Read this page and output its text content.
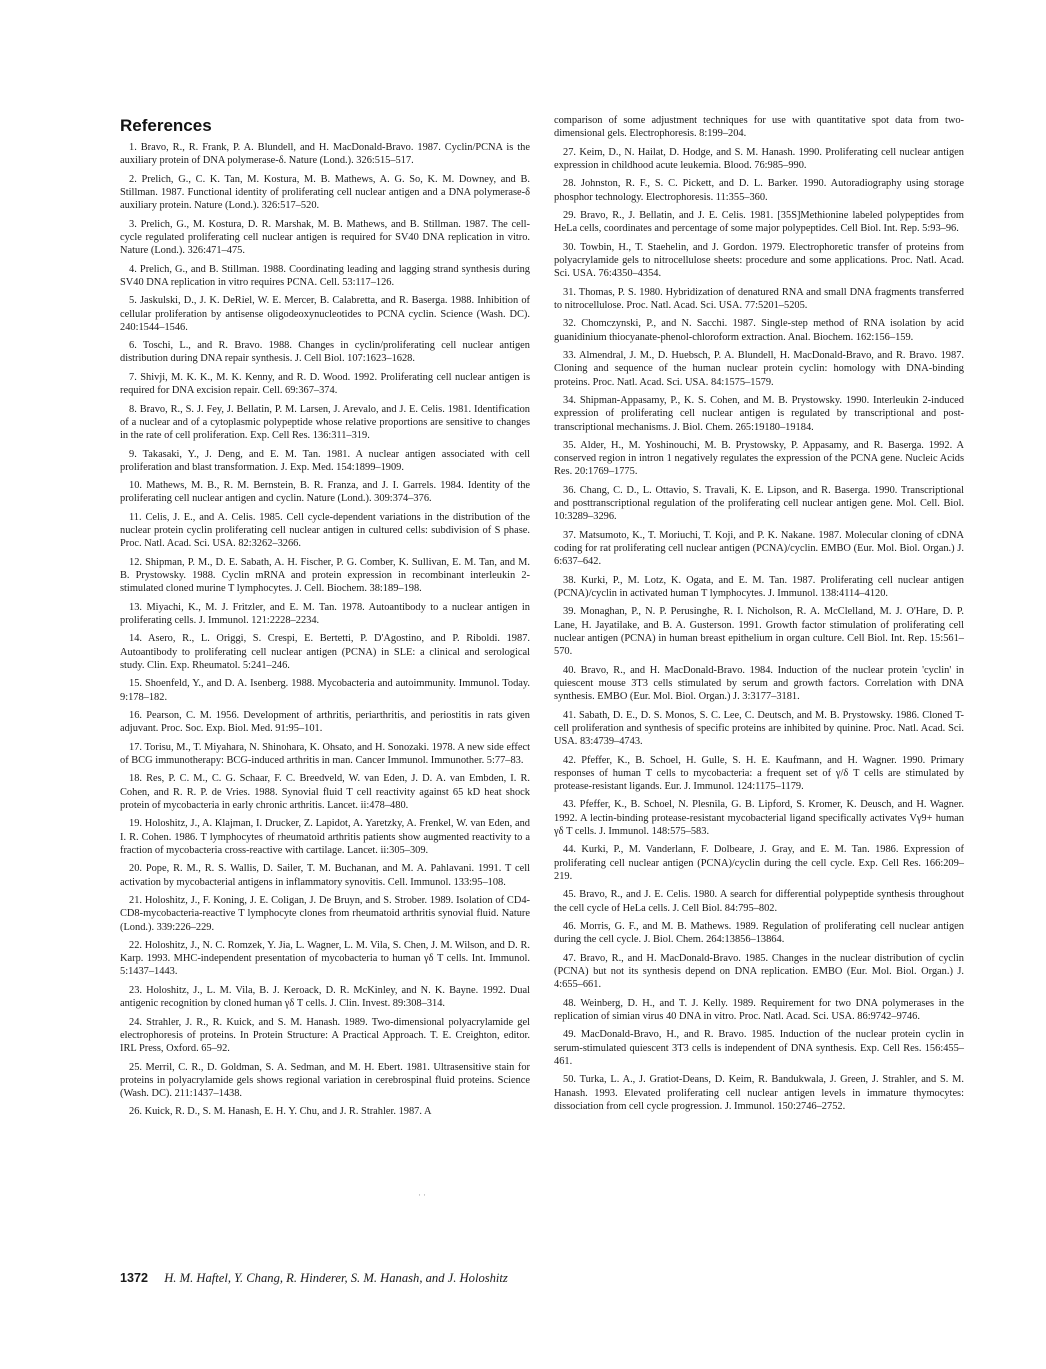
References

1. Bravo, R., R. Frank, P. A. Blundell, and H. MacDonald-Bravo. 1987. Cyclin/PCNA is the auxiliary protein of DNA polymerase-δ. Nature (Lond.). 326:515–517.

2. Prelich, G., C. K. Tan, M. Kostura, M. B. Mathews, A. G. So, K. M. Downey, and B. Stillman. 1987. Functional identity of proliferating cell nuclear antigen and a DNA polymerase-δ auxiliary protein. Nature (Lond.). 326:517–520.

3. Prelich, G., M. Kostura, D. R. Marshak, M. B. Mathews, and B. Stillman. 1987. The cell-cycle regulated proliferating cell nuclear antigen is required for SV40 DNA replication in vitro. Nature (Lond.). 326:471–475.

4. Prelich, G., and B. Stillman. 1988. Coordinating leading and lagging strand synthesis during SV40 DNA replication in vitro requires PCNA. Cell. 53:117–126.

5. Jaskulski, D., J. K. DeRiel, W. E. Mercer, B. Calabretta, and R. Baserga. 1988. Inhibition of cellular proliferation by antisense oligodeoxynucleotides to PCNA cyclin. Science (Wash. DC). 240:1544–1546.

6. Toschi, L., and R. Bravo. 1988. Changes in cyclin/proliferating cell nuclear antigen distribution during DNA repair synthesis. J. Cell Biol. 107:1623–1628.

7. Shivji, M. K. K., M. K. Kenny, and R. D. Wood. 1992. Proliferating cell nuclear antigen is required for DNA excision repair. Cell. 69:367–374.

8. Bravo, R., S. J. Fey, J. Bellatin, P. M. Larsen, J. Arevalo, and J. E. Celis. 1981. Identification of a nuclear and of a cytoplasmic polypeptide whose relative proportions are sensitive to changes in the rate of cell proliferation. Exp. Cell Res. 136:311–319.

9. Takasaki, Y., J. Deng, and E. M. Tan. 1981. A nuclear antigen associated with cell proliferation and blast transformation. J. Exp. Med. 154:1899–1909.

10. Mathews, M. B., R. M. Bernstein, B. R. Franza, and J. I. Garrels. 1984. Identity of the proliferating cell nuclear antigen and cyclin. Nature (Lond.). 309:374–376.

11. Celis, J. E., and A. Celis. 1985. Cell cycle-dependent variations in the distribution of the nuclear protein cyclin proliferating cell nuclear antigen in cultured cells: subdivision of S phase. Proc. Natl. Acad. Sci. USA. 82:3262–3266.

12. Shipman, P. M., D. E. Sabath, A. H. Fischer, P. G. Comber, K. Sullivan, E. M. Tan, and M. B. Prystowsky. 1988. Cyclin mRNA and protein expression in recombinant interleukin 2-stimulated cloned murine T lymphocytes. J. Cell. Biochem. 38:189–198.

13. Miyachi, K., M. J. Fritzler, and E. M. Tan. 1978. Autoantibody to a nuclear antigen in proliferating cells. J. Immunol. 121:2228–2234.

14. Asero, R., L. Origgi, S. Crespi, E. Bertetti, P. D'Agostino, and P. Riboldi. 1987. Autoantibody to proliferating cell nuclear antigen (PCNA) in SLE: a clinical and serological study. Clin. Exp. Rheumatol. 5:241–246.

15. Shoenfeld, Y., and D. A. Isenberg. 1988. Mycobacteria and autoimmunity. Immunol. Today. 9:178–182.

16. Pearson, C. M. 1956. Development of arthritis, periarthritis, and periostitis in rats given adjuvant. Proc. Soc. Exp. Biol. Med. 91:95–101.

17. Torisu, M., T. Miyahara, N. Shinohara, K. Ohsato, and H. Sonozaki. 1978. A new side effect of BCG immunotherapy: BCG-induced arthritis in man. Cancer Immunol. Immunother. 5:77–83.

18. Res, P. C. M., C. G. Schaar, F. C. Breedveld, W. van Eden, J. D. A. van Embden, I. R. Cohen, and R. R. P. de Vries. 1988. Synovial fluid T cell reactivity against 65 kD heat shock protein of mycobacteria in early chronic arthritis. Lancet. ii:478–480.

19. Holoshitz, J., A. Klajman, I. Drucker, Z. Lapidot, A. Yaretzky, A. Frenkel, W. van Eden, and I. R. Cohen. 1986. T lymphocytes of rheumatoid arthritis patients show augmented reactivity to a fraction of mycobacteria cross-reactive with cartilage. Lancet. ii:305–309.

20. Pope, R. M., R. S. Wallis, D. Sailer, T. M. Buchanan, and M. A. Pahlavani. 1991. T cell activation by mycobacterial antigens in inflammatory synovitis. Cell. Immunol. 133:95–108.

21. Holoshitz, J., F. Koning, J. E. Coligan, J. De Bruyn, and S. Strober. 1989. Isolation of CD4-CD8-mycobacteria-reactive T lymphocyte clones from rheumatoid arthritis synovial fluid. Nature (Lond.). 339:226–229.

22. Holoshitz, J., N. C. Romzek, Y. Jia, L. Wagner, L. M. Vila, S. Chen, J. M. Wilson, and D. R. Karp. 1993. MHC-independent presentation of mycobacteria to human γδ T cells. Int. Immunol. 5:1437–1443.

23. Holoshitz, J., L. M. Vila, B. J. Keroack, D. R. McKinley, and N. K. Bayne. 1992. Dual antigenic recognition by cloned human γδ T cells. J. Clin. Invest. 89:308–314.

24. Strahler, J. R., R. Kuick, and S. M. Hanash. 1989. Two-dimensional polyacrylamide gel electrophoresis of proteins. In Protein Structure: A Practical Approach. T. E. Creighton, editor. IRL Press, Oxford. 65–92.

25. Merril, C. R., D. Goldman, S. A. Sedman, and M. H. Ebert. 1981. Ultrasensitive stain for proteins in polyacrylamide gels shows regional variation in cerebrospinal fluid proteins. Science (Wash. DC). 211:1437–1438.

26. Kuick, R. D., S. M. Hanash, E. H. Y. Chu, and J. R. Strahler. 1987. A

comparison of some adjustment techniques for use with quantitative spot data from two-dimensional gels. Electrophoresis. 8:199–204.

27. Keim, D., N. Hailat, D. Hodge, and S. M. Hanash. 1990. Proliferating cell nuclear antigen expression in childhood acute leukemia. Blood. 76:985–990.

28. Johnston, R. F., S. C. Pickett, and D. L. Barker. 1990. Autoradiography using storage phosphor technology. Electrophoresis. 11:355–360.

29. Bravo, R., J. Bellatin, and J. E. Celis. 1981. [35S]Methionine labeled polypeptides from HeLa cells, coordinates and percentage of some major polypeptides. Cell Biol. Int. Rep. 5:93–96.

30. Towbin, H., T. Staehelin, and J. Gordon. 1979. Electrophoretic transfer of proteins from polyacrylamide gels to nitrocellulose sheets: procedure and some applications. Proc. Natl. Acad. Sci. USA. 76:4350–4354.

31. Thomas, P. S. 1980. Hybridization of denatured RNA and small DNA fragments transferred to nitrocellulose. Proc. Natl. Acad. Sci. USA. 77:5201–5205.

32. Chomczynski, P., and N. Sacchi. 1987. Single-step method of RNA isolation by acid guanidinium thiocyanate-phenol-chloroform extraction. Anal. Biochem. 162:156–159.

33. Almendral, J. M., D. Huebsch, P. A. Blundell, H. MacDonald-Bravo, and R. Bravo. 1987. Cloning and sequence of the human nuclear protein cyclin: homology with DNA-binding proteins. Proc. Natl. Acad. Sci. USA. 84:1575–1579.

34. Shipman-Appasamy, P., K. S. Cohen, and M. B. Prystowsky. 1990. Interleukin 2-induced expression of proliferating cell nuclear antigen is regulated by transcriptional and post-transcriptional mechanisms. J. Biol. Chem. 265:19180–19184.

35. Alder, H., M. Yoshinouchi, M. B. Prystowsky, P. Appasamy, and R. Baserga. 1992. A conserved region in intron 1 negatively regulates the expression of the PCNA gene. Nucleic Acids Res. 20:1769–1775.

36. Chang, C. D., L. Ottavio, S. Travali, K. E. Lipson, and R. Baserga. 1990. Transcriptional and posttranscriptional regulation of the proliferating cell nuclear antigen gene. Mol. Cell. Biol. 10:3289–3296.

37. Matsumoto, K., T. Moriuchi, T. Koji, and P. K. Nakane. 1987. Molecular cloning of cDNA coding for rat proliferating cell nuclear antigen (PCNA)/cyclin. EMBO (Eur. Mol. Biol. Organ.) J. 6:637–642.

38. Kurki, P., M. Lotz, K. Ogata, and E. M. Tan. 1987. Proliferating cell nuclear antigen (PCNA)/cyclin in activated human T lymphocytes. J. Immunol. 138:4114–4120.

39. Monaghan, P., N. P. Perusinghe, R. I. Nicholson, R. A. McClelland, M. J. O'Hare, D. P. Lane, H. Jayatilake, and B. A. Gusterson. 1991. Growth factor stimulation of proliferating cell nuclear antigen (PCNA) in human breast epithelium in organ culture. Cell Biol. Int. Rep. 15:561–570.

40. Bravo, R., and H. MacDonald-Bravo. 1984. Induction of the nuclear protein 'cyclin' in quiescent mouse 3T3 cells stimulated by serum and growth factors. Correlation with DNA synthesis. EMBO (Eur. Mol. Biol. Organ.) J. 3:3177–3181.

41. Sabath, D. E., D. S. Monos, S. C. Lee, C. Deutsch, and M. B. Prystowsky. 1986. Cloned T-cell proliferation and synthesis of specific proteins are inhibited by quinine. Proc. Natl. Acad. Sci. USA. 83:4739–4743.

42. Pfeffer, K., B. Schoel, H. Gulle, S. H. E. Kaufmann, and H. Wagner. 1990. Primary responses of human T cells to mycobacteria: a frequent set of γ/δ T cells are stimulated by protease-resistant ligands. Eur. J. Immunol. 124:1175–1179.

43. Pfeffer, K., B. Schoel, N. Plesnila, G. B. Lipford, S. Kromer, K. Deusch, and H. Wagner. 1992. A lectin-binding protease-resistant mycobacterial ligand specifically activates Vγ9+ human γδ T cells. J. Immunol. 148:575–583.

44. Kurki, P., M. Vanderlann, F. Dolbeare, J. Gray, and E. M. Tan. 1986. Expression of proliferating cell nuclear antigen (PCNA)/cyclin during the cell cycle. Exp. Cell Res. 166:209–219.

45. Bravo, R., and J. E. Celis. 1980. A search for differential polypeptide synthesis throughout the cell cycle of HeLa cells. J. Cell Biol. 84:795–802.

46. Morris, G. F., and M. B. Mathews. 1989. Regulation of proliferating cell nuclear antigen during the cell cycle. J. Biol. Chem. 264:13856–13864.

47. Bravo, R., and H. MacDonald-Bravo. 1985. Changes in the nuclear distribution of cyclin (PCNA) but not its synthesis depend on DNA replication. EMBO (Eur. Mol. Biol. Organ.) J. 4:655–661.

48. Weinberg, D. H., and T. J. Kelly. 1989. Requirement for two DNA polymerases in the replication of simian virus 40 DNA in vitro. Proc. Natl. Acad. Sci. USA. 86:9742–9746.

49. MacDonald-Bravo, H., and R. Bravo. 1985. Induction of the nuclear protein cyclin in serum-stimulated quiescent 3T3 cells is independent of DNA synthesis. Exp. Cell Res. 156:455–461.

50. Turka, L. A., J. Gratiot-Deans, D. Keim, R. Bandukwala, J. Green, J. Strahler, and S. M. Hanash. 1993. Elevated proliferating cell nuclear antigen levels in immature thymocytes: dissociation from cell cycle progression. J. Immunol. 150:2746–2752.

··
1372 H. M. Haftel, Y. Chang, R. Hinderer, S. M. Hanash, and J. Holoshitz
